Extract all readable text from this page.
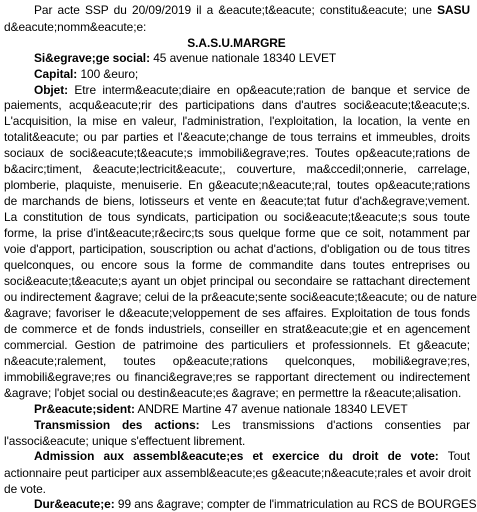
Par acte SSP du 20/09/2019 il a &eacute;t&eacute; constitu&eacute; une SASU
d&eacute;nomm&eacute;e:
S.A.S.U.MARGRE
Si&egrave;ge social: 45 avenue nationale 18340 LEVET
Capital: 100 &euro;
Objet: Etre interm&eacute;diaire en op&eacute;ration de banque et service de
paiements, acqu&eacute;rir des participations dans d'autres soci&eacute;t&eacute;s.
L'acquisition, la mise en valeur, l'administration, l'exploitation, la location, la vente en
totalit&eacute; ou par parties et l'&eacute;change de tous terrains et immeubles, droits
sociaux de soci&eacute;t&eacute;s immobili&egrave;res. Toutes op&eacute;rations de
b&acirc;timent, &eacute;lectricit&eacute;, couverture, ma&ccedil;onnerie, carrelage,
plomberie, plaquiste, menuiserie. En g&eacute;n&eacute;ral, toutes op&eacute;rations
de marchands de biens, lotisseurs et vente en &eacute;tat futur d'ach&egrave;vement.
La constitution de tous syndicats, participation ou soci&eacute;t&eacute;s sous toute
forme, la prise d'int&eacute;r&ecirc;ts sous quelque forme que ce soit, notamment par
voie d'apport, participation, souscription ou achat d'actions, d'obligation ou de tous titres
quelconques, ou encore sous la forme de commandite dans toutes entreprises ou
soci&eacute;t&eacute;s ayant un objet principal ou secondaire se rattachant directement
ou indirectement &agrave; celui de la pr&eacute;sente soci&eacute;t&eacute; ou de nature
&agrave; favoriser le d&eacute;veloppement de ses affaires. Exploitation de tous fonds
de commerce et de fonds industriels, conseiller en strat&eacute;gie et en agencement
commercial. Gestion de patrimoine des particuliers et professionnels. Et g&eacute;
n&eacute;ralement, toutes op&eacute;rations quelconques, mobili&egrave;res,
immobili&egrave;res ou financi&egrave;res se rapportant directement ou indirectement
&agrave; l'objet social ou destin&eacute;es &agrave; en permettre la r&eacute;alisation.
Pr&eacute;sident: ANDRE Martine 47 avenue nationale 18340 LEVET
Transmission des actions: Les transmissions d'actions consenties par
l'associ&eacute; unique s'effectuent librement.
Admission aux assembl&eacute;es et exercice du droit de vote: Tout
actionnaire peut participer aux assembl&eacute;es g&eacute;n&eacute;rales et avoir droit
de vote.
Dur&eacute;e: 99 ans &agrave; compter de l'immatriculation au RCS de BOURGES
